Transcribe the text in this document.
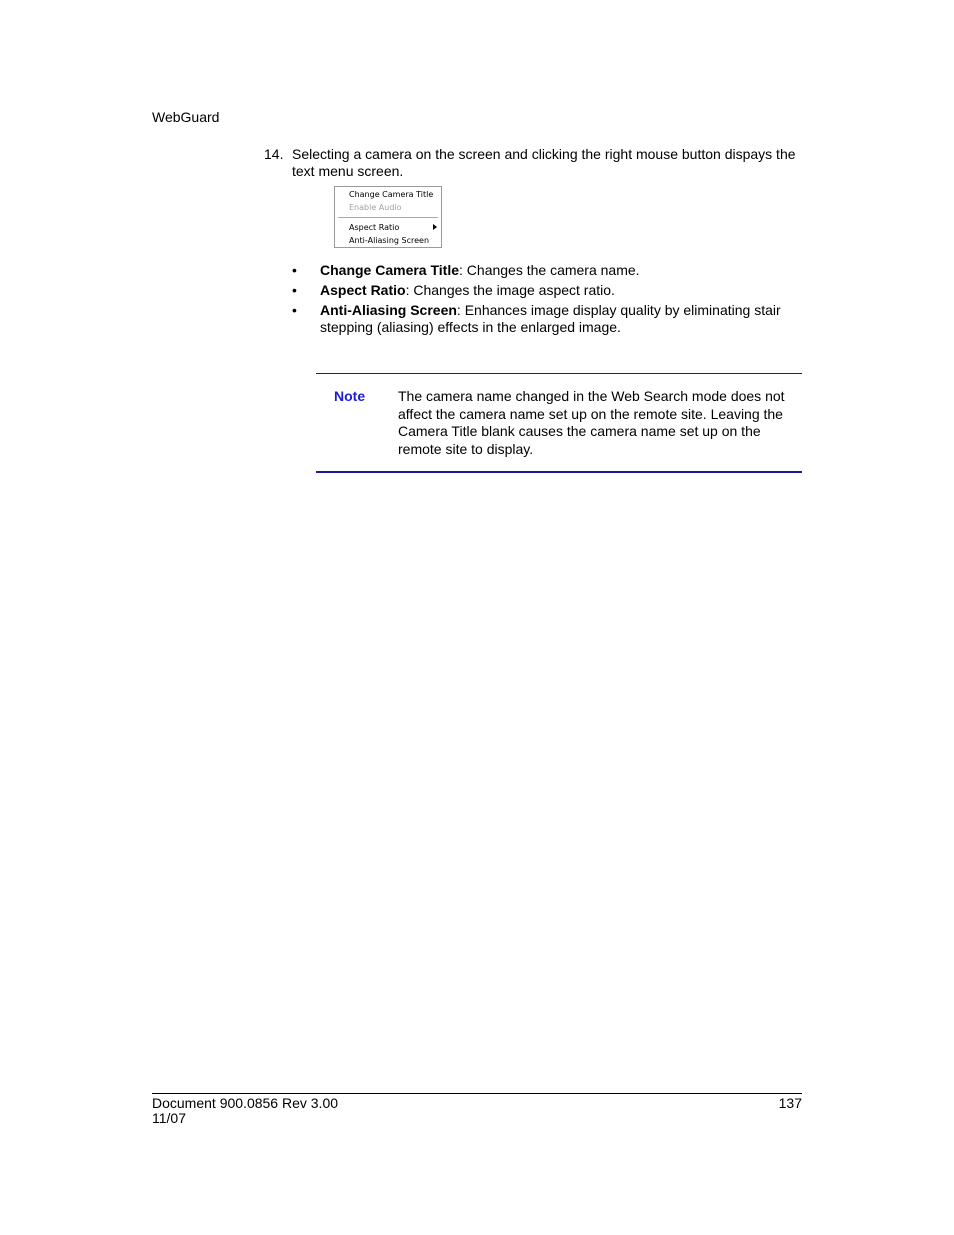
WebGuard
14. Selecting a camera on the screen and clicking the right mouse button dispays the text menu screen.
Change Camera Title
Enable Audio
Aspect Ratio
Anti-Aliasing Screen
• Change Camera Title: Changes the camera name.
• Aspect Ratio: Changes the image aspect ratio.
• Anti-Aliasing Screen: Enhances image display quality by eliminating stair stepping (aliasing) effects in the enlarged image.
Note The camera name changed in the Web Search mode does not affect the camera name set up on the remote site. Leaving the Camera Title blank causes the camera name set up on the remote site to display.
Document 900.0856 Rev 3.00
11/07
137
